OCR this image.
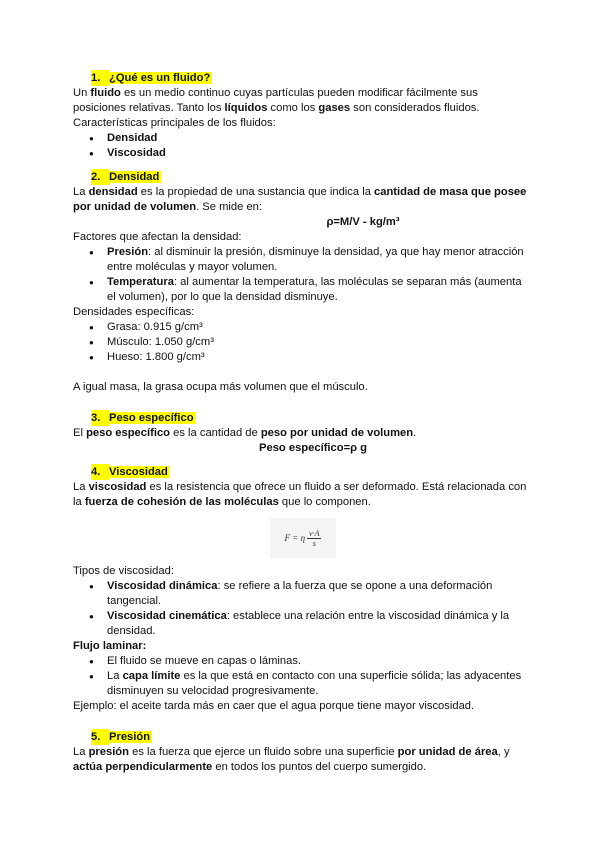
1. ¿Qué es un fluido?

Un fluido es un medio continuo cuyas partículas pueden modificar fácilmente sus posiciones relativas. Tanto los líquidos como los gases son considerados fluidos.

Características principales de los fluidos:

● Densidad
● Viscosidad
2. Densidad

La densidad es la propiedad de una sustancia que indica la cantidad de masa que posee por unidad de volumen. Se mide en:

ρ=M/V - kg/m³

Factores que afectan la densidad:

● Presión: al disminuir la presión, disminuye la densidad, ya que hay menor atracción entre moléculas y mayor volumen.
● Temperatura: al aumentar la temperatura, las moléculas se separan más (aumenta el volumen), por lo que la densidad disminuye.

Densidades específicas:

● Grasa: 0.915 g/cm³
● Músculo: 1.050 g/cm³
● Hueso: 1.800 g/cm³

A igual masa, la grasa ocupa más volumen que el músculo.

3. Peso específico

El peso específico es la cantidad de peso por unidad de volumen.

Peso específico=ρ g

4. Viscosidad

La viscosidad es la resistencia que ofrece un fluido a ser deformado. Está relacionada con la fuerza de cohesión de las moléculas que lo componen.

F = η $\frac{v\cdot A}{s}$

Tipos de viscosidad:

● Viscosidad dinámica: se refiere a la fuerza que se opone a una deformación tangencial.
● Viscosidad cinemática: establece una relación entre la viscosidad dinámica y la densidad.

Flujo laminar:

● El fluido se mueve en capas o láminas.
● La capa límite es la que está en contacto con una superficie sólida; las adyacentes disminuyen su velocidad progresivamente.

Ejemplo: el aceite tarda más en caer que el agua porque tiene mayor viscosidad.

5. Presión

La presión es la fuerza que ejerce un fluido sobre una superficie por unidad de área, y actúa perpendicularmente en todos los puntos del cuerpo sumergido.
